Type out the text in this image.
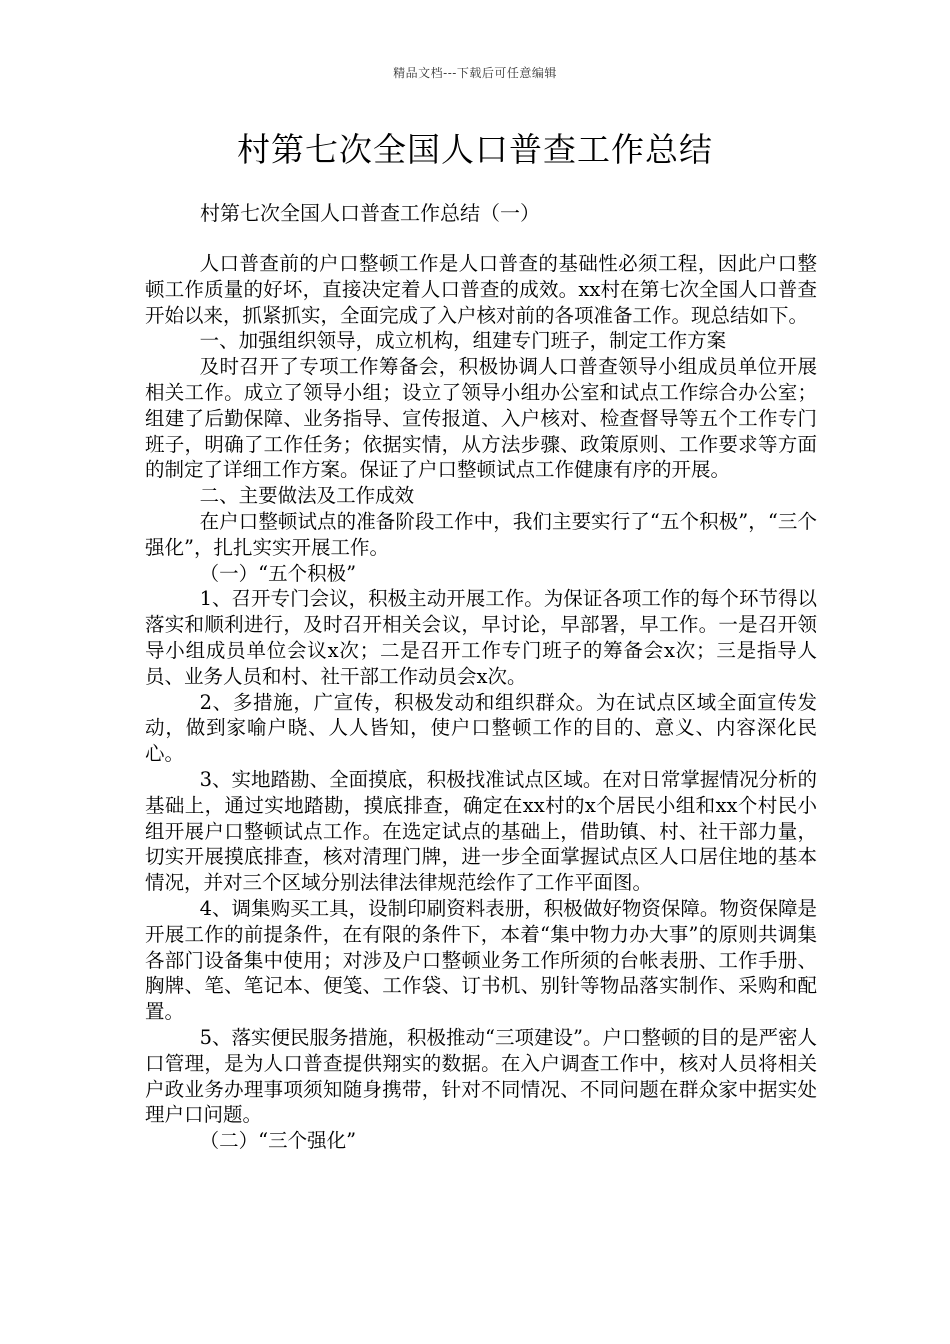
精品文档---下载后可任意编辑
村第七次全国人口普查工作总结

村第七次全国人口普查工作总结（一）

人口普查前的户口整顿工作是人口普查的基础性必须工程，因此户口整顿工作质量的好坏，直接决定着人口普查的成效。xx村在第七次全国人口普查开始以来，抓紧抓实，全面完成了入户核对前的各项准备工作。现总结如下。

一、加强组织领导，成立机构，组建专门班子，制定工作方案

及时召开了专项工作筹备会，积极协调人口普查领导小组成员单位开展相关工作。成立了领导小组；设立了领导小组办公室和试点工作综合办公室；组建了后勤保障、业务指导、宣传报道、入户核对、检查督导等五个工作专门班子，明确了工作任务；依据实情，从方法步骤、政策原则、工作要求等方面的制定了详细工作方案。保证了户口整顿试点工作健康有序的开展。

二、主要做法及工作成效

在户口整顿试点的准备阶段工作中，我们主要实行了“五个积极”，“三个强化”，扎扎实实开展工作。

（一）“五个积极”

1、召开专门会议，积极主动开展工作。为保证各项工作的每个环节得以落实和顺利进行，及时召开相关会议，早讨论，早部署，早工作。一是召开领导小组成员单位会议x次；二是召开工作专门班子的筹备会x次；三是指导人员、业务人员和村、社干部工作动员会x次。

2、多措施，广宣传，积极发动和组织群众。为在试点区域全面宣传发动，做到家喻户晓、人人皆知，使户口整顿工作的目的、意义、内容深化民心。

3、实地踏勘、全面摸底，积极找准试点区域。在对日常掌握情况分析的基础上，通过实地踏勘，摸底排查，确定在xx村的x个居民小组和xx个村民小组开展户口整顿试点工作。在选定试点的基础上，借助镇、村、社干部力量，切实开展摸底排查，核对清理门牌，进一步全面掌握试点区人口居住地的基本情况，并对三个区域分别法律法律规范绘作了工作平面图。

4、调集购买工具，设制印刷资料表册，积极做好物资保障。物资保障是开展工作的前提条件，在有限的条件下，本着“集中物力办大事”的原则共调集各部门设备集中使用；对涉及户口整顿业务工作所须的台帐表册、工作手册、胸牌、笔、笔记本、便笺、工作袋、订书机、别针等物品落实制作、采购和配置。

5、落实便民服务措施，积极推动“三项建设”。户口整顿的目的是严密人口管理，是为人口普查提供翔实的数据。在入户调查工作中，核对人员将相关户政业务办理事项须知随身携带，针对不同情况、不同问题在群众家中据实处理户口问题。

（二）“三个强化”
